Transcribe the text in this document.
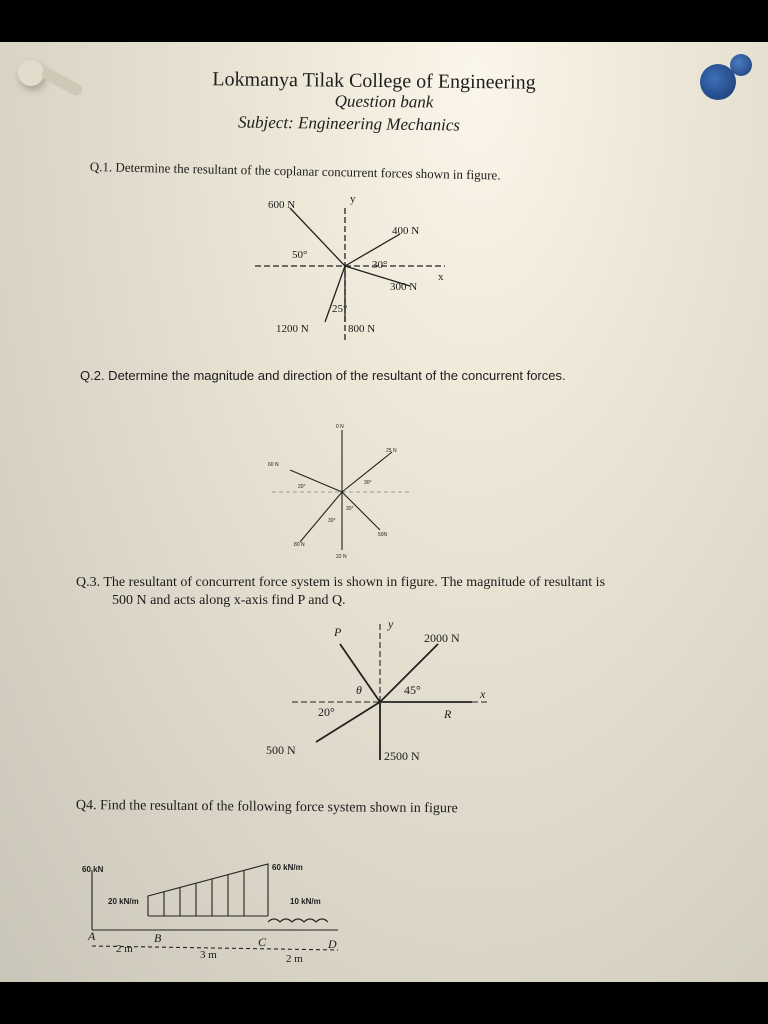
Lokmanya Tilak College of Engineering
Question bank
Subject: Engineering Mechanics
Q.1. Determine the resultant of the coplanar concurrent forces shown in figure.
600 N	y
400 N
50°
30°
x
300 N
25°
1200 N	800 N
Q.2. Determine the magnitude and direction of the resultant of the concurrent forces.
0 N
25 N
60 N
20°
30°
30°
30°
50N
80 N
22 N
Q.3. The resultant of concurrent force system is shown in figure. The magnitude of resultant is
500 N and acts along x-axis find P and Q.
P
y
2000 N
θ	45°	x
20°	R
500 N	2500 N
Q4. Find the resultant of the following force system shown in figure
60 kN
20 kN/m
60 kN/m
10 kN/m
A	B	C	D
2 m	3 m	2 m
